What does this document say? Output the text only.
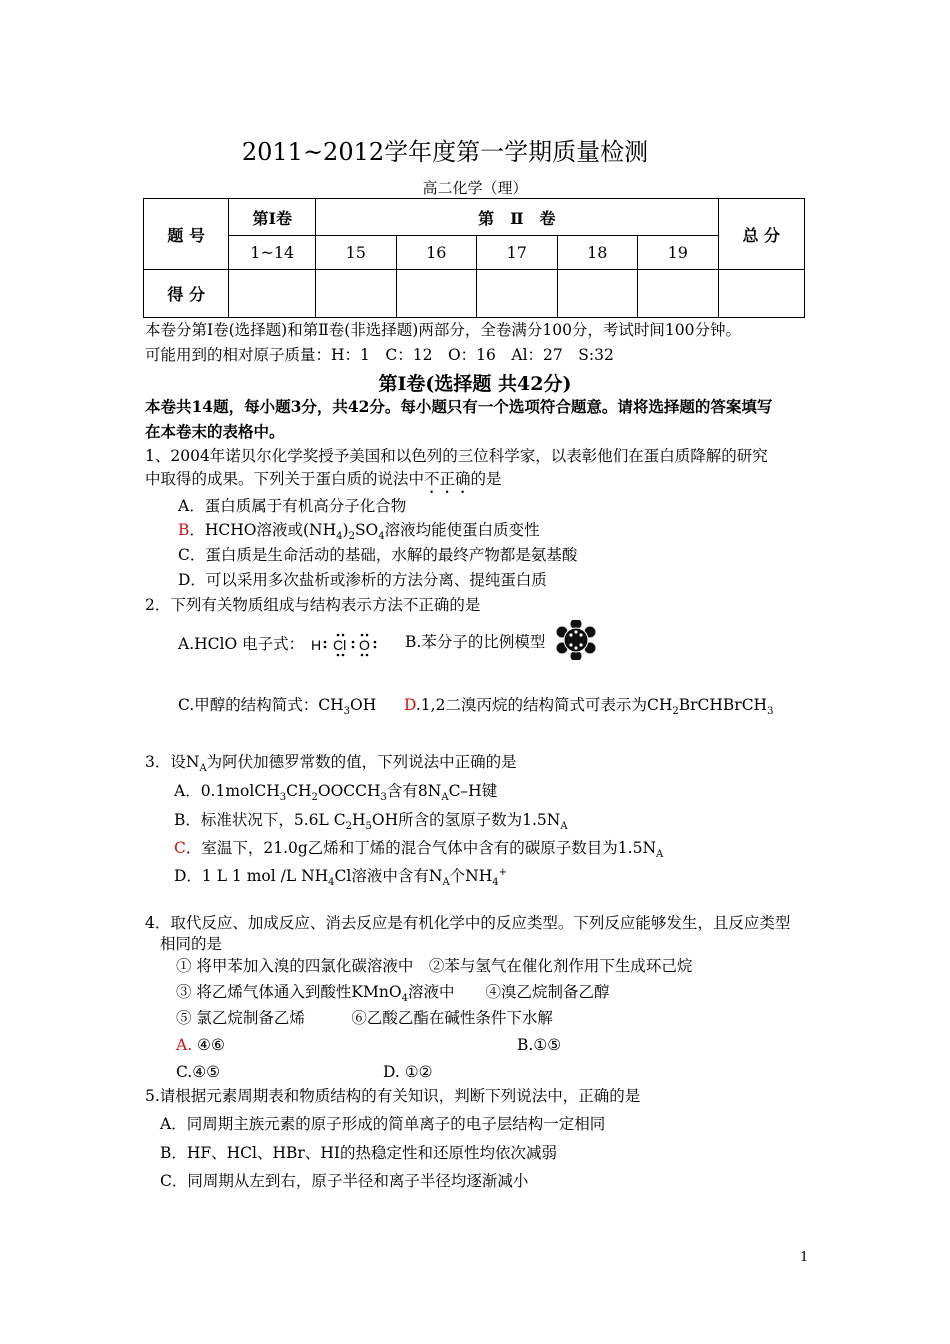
2011~2012学年度第一学期质量检测
高二化学（理）
题 号	第Ⅰ卷	第　Ⅱ　卷					总 分
	1~14	15	16	17	18	19	
得 分							
本卷分第Ⅰ卷(选择题)和第Ⅱ卷(非选择题)两部分，全卷满分100分，考试时间100分钟。
可能用到的相对原子质量：H：1　C：12　O：16　Al：27　S:32
第Ⅰ卷(选择题 共42分)
本卷共14题，每小题3分，共42分。每小题只有一个选项符合题意。请将选择题的答案填写
在本卷末的表格中。
1、2004年诺贝尔化学奖授予美国和以色列的三位科学家，以表彰他们在蛋白质降解的研究
中取得的成果。下列关于蛋白质的说法中不正确的是
A．蛋白质属于有机高分子化合物
B．HCHO溶液或$(NH_4)_2SO_4$溶液均能使蛋白质变性
C．蛋白质是生命活动的基础，水解的最终产物都是氨基酸
D．可以采用多次盐析或渗析的方法分离、提纯蛋白质
2．下列有关物质组成与结构表示方法不正确的是
A.HClO 电子式： H Cl O B.苯分子的比例模型
C.甲醇的结构简式：$CH_3OH$ D.1,2二溴丙烷的结构简式可表示为$CH_2BrCHBrCH_3$
3．设$N_A$为阿伏加德罗常数的值，下列说法中正确的是
A．$0.1molCH_3CH_2OOCCH_3$含有$8N_AC-H$键
B．标准状况下，5.6L $C_2H_5OH$所含的氢原子数为$1.5N_A$
C．室温下，21.0g乙烯和丁烯的混合气体中含有的碳原子数目为$1.5N_A$
D．1 L 1 mol /L $NH_4Cl$溶液中含有$N_A$个$NH_4^+$
4．取代反应、加成反应、消去反应是有机化学中的反应类型。下列反应能够发生，且反应类型
相同的是
① 将甲苯加入溴的四氯化碳溶液中　②苯与氢气在催化剂作用下生成环己烷
③ 将乙烯气体通入到酸性KMnO$_4$溶液中　　④溴乙烷制备乙醇
⑤ 氯乙烷制备乙烯　　　⑥乙酸乙酯在碱性条件下水解
A. ④⑥	B.①⑤
C.④⑤	D. ①②
5.请根据元素周期表和物质结构的有关知识，判断下列说法中，正确的是
A．同周期主族元素的原子形成的简单离子的电子层结构一定相同
B．HF、HCl、HBr、HI的热稳定性和还原性均依次减弱
C．同周期从左到右，原子半径和离子半径均逐渐减小
1
